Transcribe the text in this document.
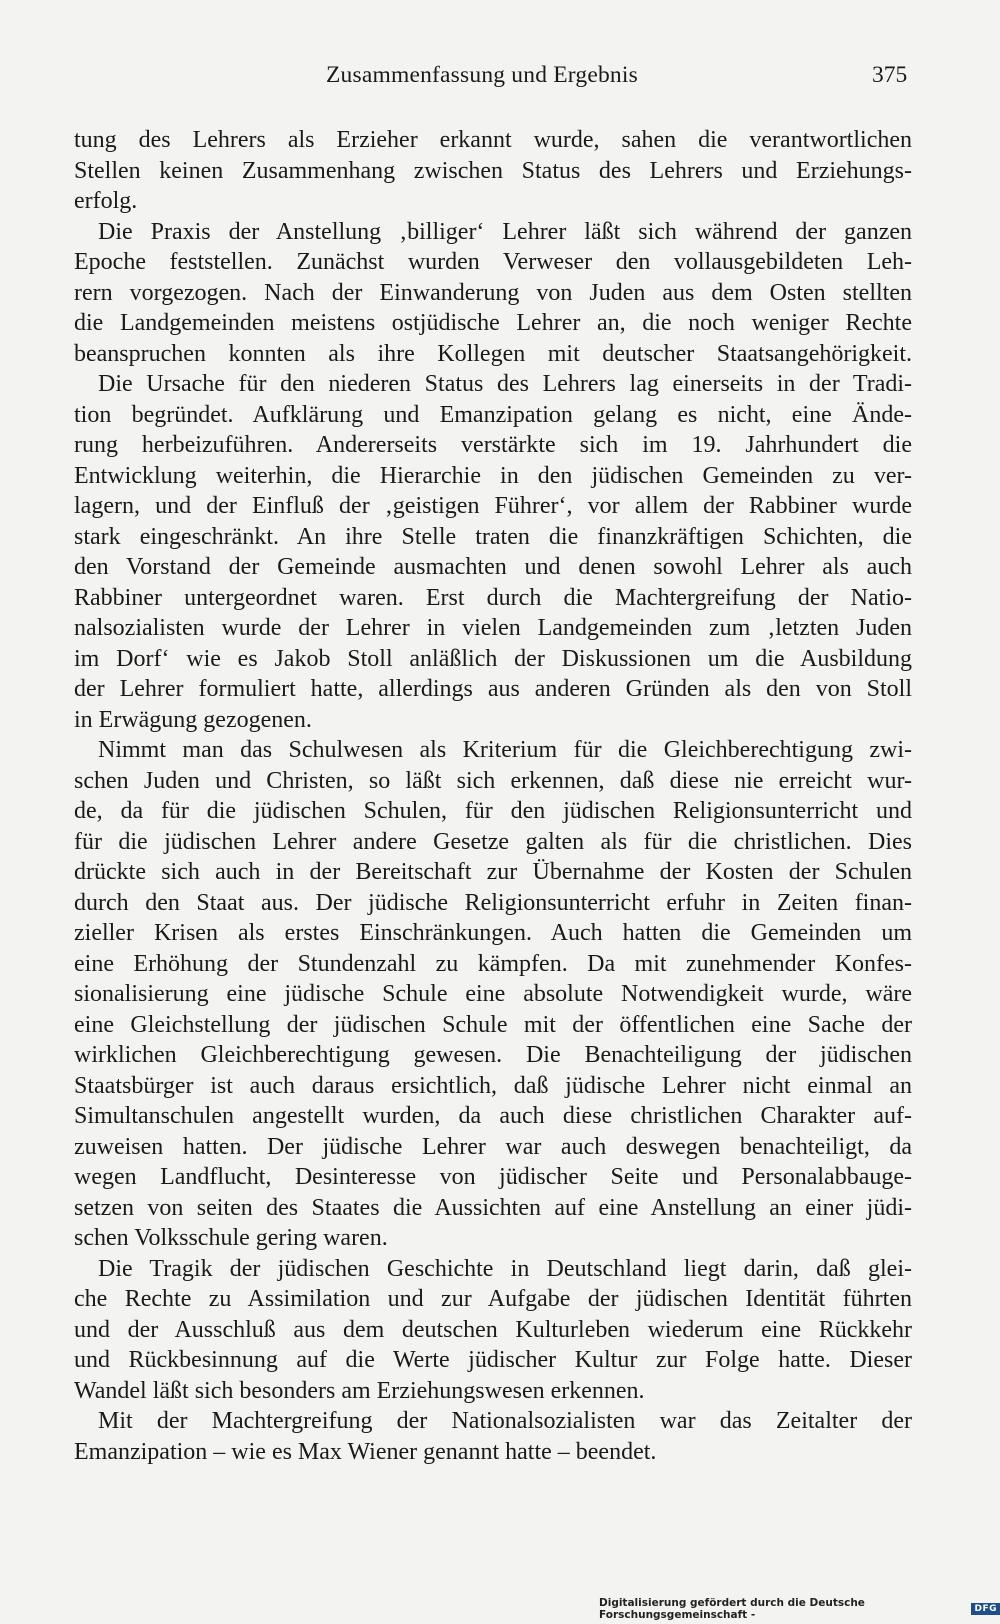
Zusammenfassung und Ergebnis	375
tung des Lehrers als Erzieher erkannt wurde, sahen die verantwortlichen
Stellen keinen Zusammenhang zwischen Status des Lehrers und Erziehungs-
erfolg.
Die Praxis der Anstellung ‚billiger‘ Lehrer läßt sich während der ganzen
Epoche feststellen. Zunächst wurden Verweser den vollausgebildeten Leh-
rern vorgezogen. Nach der Einwanderung von Juden aus dem Osten stellten
die Landgemeinden meistens ostjüdische Lehrer an, die noch weniger Rechte
beanspruchen konnten als ihre Kollegen mit deutscher Staatsangehörigkeit.
Die Ursache für den niederen Status des Lehrers lag einerseits in der Tradi-
tion begründet. Aufklärung und Emanzipation gelang es nicht, eine Ände-
rung herbeizuführen. Andererseits verstärkte sich im 19. Jahrhundert die
Entwicklung weiterhin, die Hierarchie in den jüdischen Gemeinden zu ver-
lagern, und der Einfluß der ‚geistigen Führer‘, vor allem der Rabbiner wurde
stark eingeschränkt. An ihre Stelle traten die finanzkräftigen Schichten, die
den Vorstand der Gemeinde ausmachten und denen sowohl Lehrer als auch
Rabbiner untergeordnet waren. Erst durch die Machtergreifung der Natio-
nalsozialisten wurde der Lehrer in vielen Landgemeinden zum ‚letzten Juden
im Dorf‘ wie es Jakob Stoll anläßlich der Diskussionen um die Ausbildung
der Lehrer formuliert hatte, allerdings aus anderen Gründen als den von Stoll
in Erwägung gezogenen.
Nimmt man das Schulwesen als Kriterium für die Gleichberechtigung zwi-
schen Juden und Christen, so läßt sich erkennen, daß diese nie erreicht wur-
de, da für die jüdischen Schulen, für den jüdischen Religionsunterricht und
für die jüdischen Lehrer andere Gesetze galten als für die christlichen. Dies
drückte sich auch in der Bereitschaft zur Übernahme der Kosten der Schulen
durch den Staat aus. Der jüdische Religionsunterricht erfuhr in Zeiten finan-
zieller Krisen als erstes Einschränkungen. Auch hatten die Gemeinden um
eine Erhöhung der Stundenzahl zu kämpfen. Da mit zunehmender Konfes-
sionalisierung eine jüdische Schule eine absolute Notwendigkeit wurde, wäre
eine Gleichstellung der jüdischen Schule mit der öffentlichen eine Sache der
wirklichen Gleichberechtigung gewesen. Die Benachteiligung der jüdischen
Staatsbürger ist auch daraus ersichtlich, daß jüdische Lehrer nicht einmal an
Simultanschulen angestellt wurden, da auch diese christlichen Charakter auf-
zuweisen hatten. Der jüdische Lehrer war auch deswegen benachteiligt, da
wegen Landflucht, Desinteresse von jüdischer Seite und Personalabbauge-
setzen von seiten des Staates die Aussichten auf eine Anstellung an einer jüdi-
schen Volksschule gering waren.
Die Tragik der jüdischen Geschichte in Deutschland liegt darin, daß glei-
che Rechte zu Assimilation und zur Aufgabe der jüdischen Identität führten
und der Ausschluß aus dem deutschen Kulturleben wiederum eine Rückkehr
und Rückbesinnung auf die Werte jüdischer Kultur zur Folge hatte. Dieser
Wandel läßt sich besonders am Erziehungswesen erkennen.
Mit der Machtergreifung der Nationalsozialisten war das Zeitalter der
Emanzipation – wie es Max Wiener genannt hatte – beendet.
Digitalisierung gefördert durch die Deutsche Forschungsgemeinschaft -	DFG
